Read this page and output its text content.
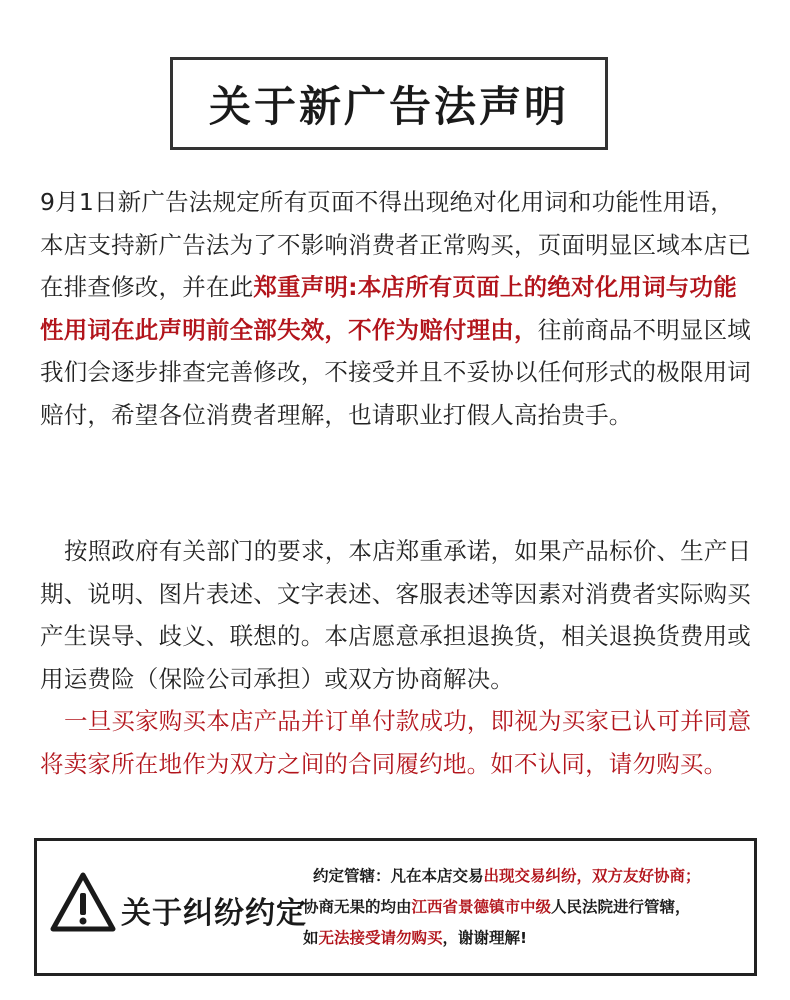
关于新广告法声明
9月1日新广告法规定所有页面不得出现绝对化用词和功能性用语，本店支持新广告法为了不影响消费者正常购买，页面明显区域本店已在排查修改，并在此郑重声明:本店所有页面上的绝对化用词与功能性用词在此声明前全部失效，不作为赔付理由，往前商品不明显区域我们会逐步排查完善修改，不接受并且不妥协以任何形式的极限用词赔付，希望各位消费者理解，也请职业打假人高抬贵手。
按照政府有关部门的要求，本店郑重承诺，如果产品标价、生产日期、说明、图片表述、文字表述、客服表述等因素对消费者实际购买产生误导、歧义、联想的。本店愿意承担退换货，相关退换货费用或用运费险（保险公司承担）或双方协商解决。
一旦买家购买本店产品并订单付款成功，即视为买家已认可并同意将卖家所在地作为双方之间的合同履约地。如不认同，请勿购买。
关于纠纷约定
约定管辖：凡在本店交易出现交易纠纷，双方友好协商；
协商无果的均由江西省景德镇市中级人民法院进行管辖，
如无法接受请勿购买，谢谢理解!
